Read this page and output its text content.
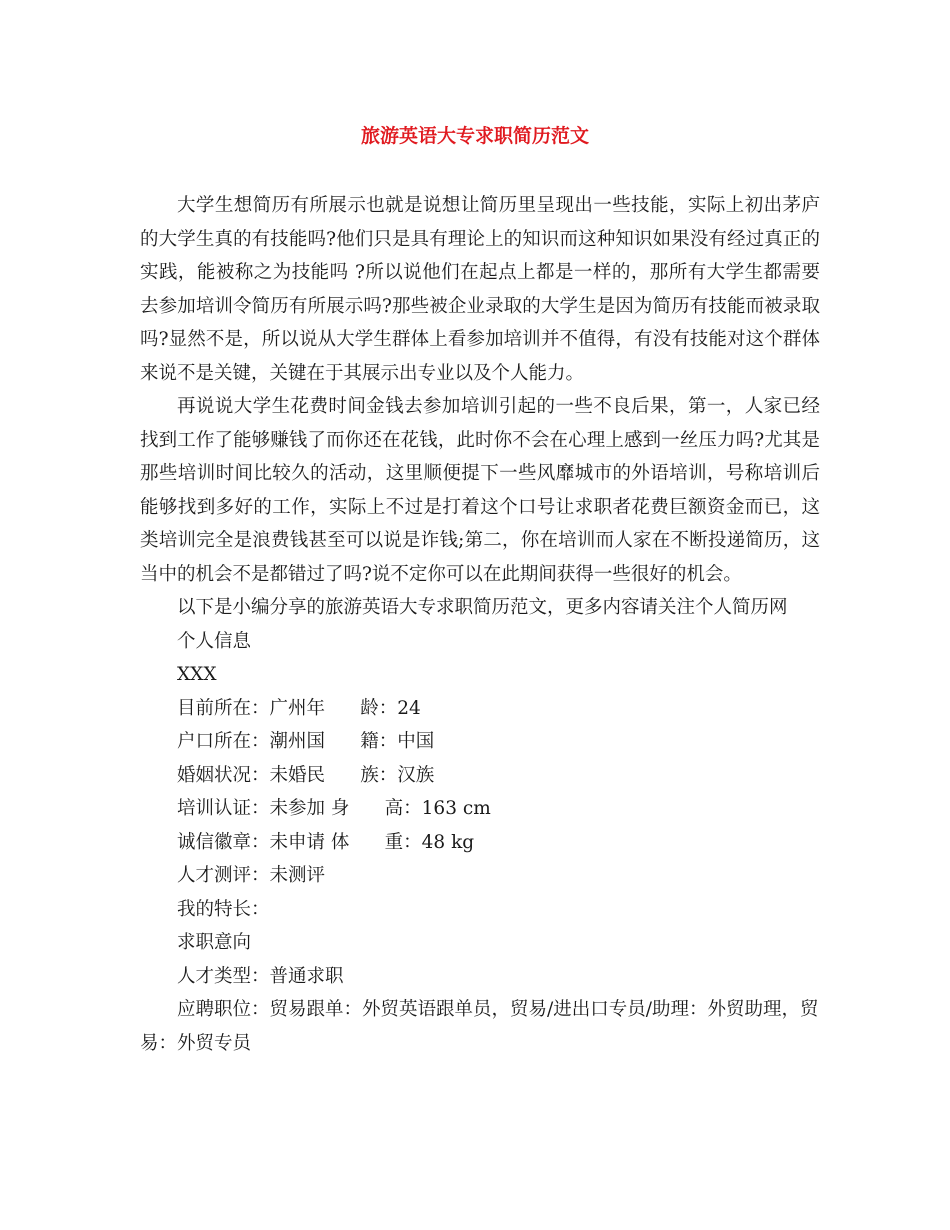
旅游英语大专求职简历范文

大学生想简历有所展示也就是说想让简历里呈现出一些技能，实际上初出茅庐的大学生真的有技能吗?他们只是具有理论上的知识而这种知识如果没有经过真正的实践，能被称之为技能吗 ?所以说他们在起点上都是一样的，那所有大学生都需要去参加培训令简历有所展示吗?那些被企业录取的大学生是因为简历有技能而被录取吗?显然不是，所以说从大学生群体上看参加培训并不值得，有没有技能对这个群体来说不是关键，关键在于其展示出专业以及个人能力。

再说说大学生花费时间金钱去参加培训引起的一些不良后果，第一，人家已经找到工作了能够赚钱了而你还在花钱，此时你不会在心理上感到一丝压力吗?尤其是那些培训时间比较久的活动，这里顺便提下一些风靡城市的外语培训，号称培训后能够找到多好的工作，实际上不过是打着这个口号让求职者花费巨额资金而已，这类培训完全是浪费钱甚至可以说是诈钱;第二，你在培训而人家在不断投递简历，这当中的机会不是都错过了吗?说不定你可以在此期间获得一些很好的机会。

以下是小编分享的旅游英语大专求职简历范文，更多内容请关注个人简历网

个人信息

XXX

目前所在：广州年      龄：24

户口所在：潮州国      籍：中国

婚姻状况：未婚民      族：汉族

培训认证：未参加 身      高：163 cm

诚信徽章：未申请 体      重：48 kg

人才测评：未测评

我的特长：

求职意向

人才类型：普通求职

应聘职位：贸易跟单：外贸英语跟单员，贸易/进出口专员/助理：外贸助理，贸易：外贸专员
